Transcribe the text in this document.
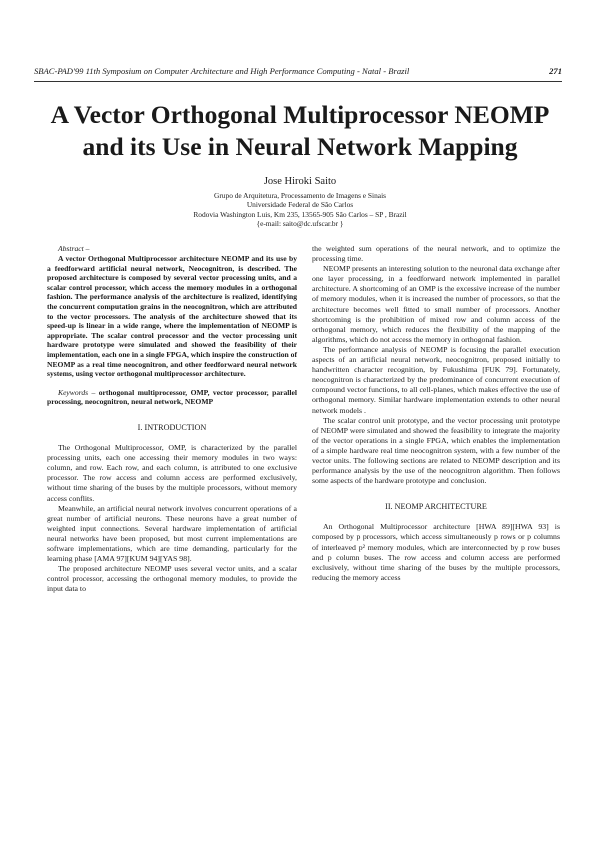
SBAC-PAD'99 11th Symposium on Computer Architecture and High Performance Computing - Natal - Brazil	271
A Vector Orthogonal Multiprocessor NEOMP
and its Use in Neural Network Mapping
Jose Hiroki Saito
Grupo de Arquitetura, Processamento de Imagens e Sinais
Universidade Federal de São Carlos
Rodovia Washington Luis, Km 235, 13565-905 São Carlos – SP , Brazil
{e-mail: saito@dc.ufscar.br }

Abstract –

A vector Orthogonal Multiprocessor architecture NEOMP and its use by a feedforward artificial neural network, Neocognitron, is described. The proposed architecture is composed by several vector processing units, and a scalar control processor, which access the memory modules in a orthogonal fashion. The performance analysis of the architecture is realized, identifying the concurrent computation grains in the neocognitron, which are attributed to the vector processors. The analysis of the architecture showed that its speed-up is linear in a wide range, where the implementation of NEOMP is appropriate. The scalar control processor and the vector processing unit hardware prototype were simulated and showed the feasibility of their implementation, each one in a single FPGA, which inspire the construction of NEOMP as a real time neocognitron, and other feedforward neural network systems, using vector orthogonal multiprocessor architecture.

Keywords – orthogonal multiprocessor, OMP, vector processor, parallel processing, neocognitron, neural network, NEOMP

I. INTRODUCTION

The Orthogonal Multiprocessor, OMP, is characterized by the parallel processing units, each one accessing their memory modules in two ways: column, and row. Each row, and each column, is attributed to one exclusive processor. The row access and column access are performed exclusively, without time sharing of the buses by the multiple processors, without memory access conflits.

Meanwhile, an artificial neural network involves concurrent operations of a great number of artificial neurons. These neurons have a great number of weighted input connections. Several hardware implementation of artificial neural networks have been proposed, but most current implementations are software implementations, which are time demanding, particularly for the learning phase [AMA 97][KUM 94][YAS 98].

The proposed architecture NEOMP uses several vector units, and a scalar control processor, accessing the orthogonal memory modules, to provide the input data to

the weighted sum operations of the neural network, and to optimize the processing time.

NEOMP presents an interesting solution to the neuronal data exchange after one layer processing, in a feedforward network implemented in parallel architecture. A shortcoming of an OMP is the excessive increase of the number of memory modules, when it is increased the number of processors, so that the architecture becomes well fitted to small number of processors. Another shortcoming is the prohibition of mixed row and column access of the orthogonal memory, which reduces the flexibility of the mapping of the algorithms, which do not access the memory in orthogonal fashion.

The performance analysis of NEOMP is focusing the parallel execution aspects of an artificial neural network, neocognitron, proposed initially to handwritten character recognition, by Fukushima [FUK 79]. Fortunately, neocognitron is characterized by the predominance of concurrent execution of compound vector functions, to all cell-planes, which makes effective the use of orthogonal memory. Similar hardware implementation extends to other neural network models .

The scalar control unit prototype, and the vector processing unit prototype of NEOMP were simulated and showed the feasibility to integrate the majority of the vector operations in a single FPGA, which enables the implementation of a simple hardware real time neocognitron system, with a few number of the vector units. The following sections are related to NEOMP description and its performance analysis by the use of the neocognitron algorithm. Then follows some aspects of the hardware prototype and conclusion.

II. NEOMP ARCHITECTURE

An Orthogonal Multiprocessor architecture [HWA 89][HWA 93] is composed by p processors, which access simultaneously p rows or p columns of interleaved p² memory modules, which are interconnected by p row buses and p column buses. The row access and column access are performed exclusively, without time sharing of the buses by the multiple processors, reducing the memory access
